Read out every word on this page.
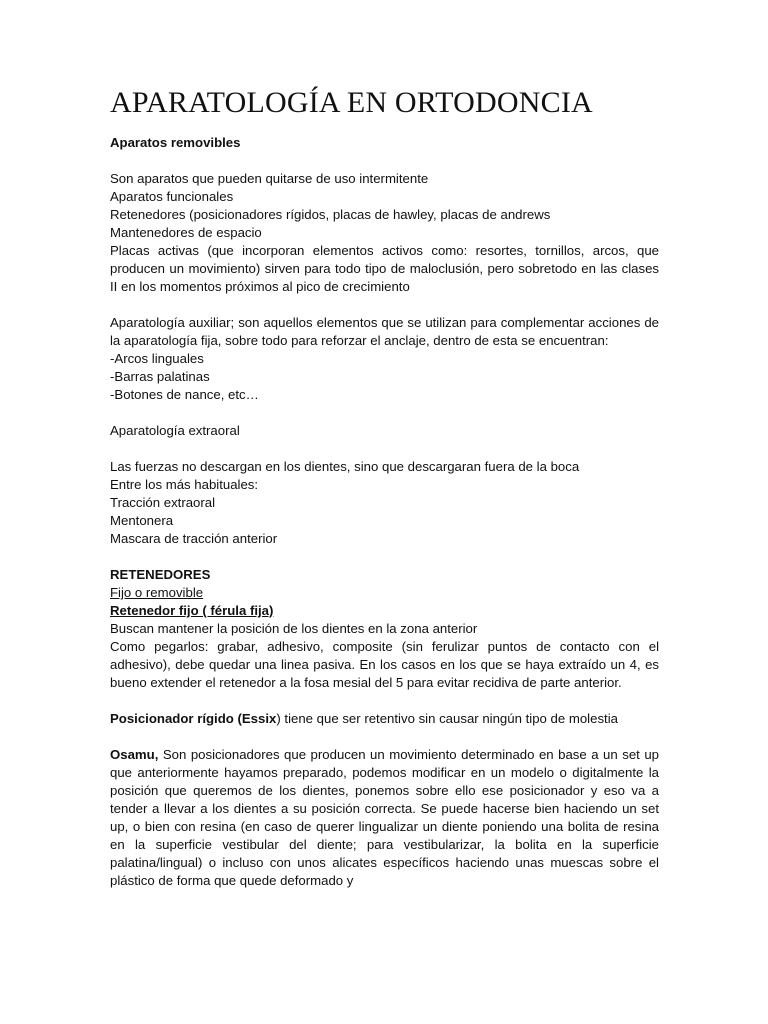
APARATOLOGÍA EN ORTODONCIA

Aparatos removibles

Son aparatos que pueden quitarse de uso intermitente

Aparatos funcionales

Retenedores (posicionadores rígidos, placas de hawley, placas de andrews

Mantenedores de espacio

Placas activas (que incorporan elementos activos como: resortes, tornillos, arcos, que producen un movimiento) sirven para todo tipo de maloclusión, pero sobretodo en las clases II en los momentos próximos al pico de crecimiento

Aparatología auxiliar; son aquellos elementos que se utilizan para complementar acciones de la aparatología fija, sobre todo para reforzar el anclaje, dentro de esta se encuentran:

-Arcos linguales

-Barras palatinas

-Botones de nance, etc…

Aparatología extraoral

Las fuerzas no descargan en los dientes, sino que descargaran fuera de la boca

Entre los más habituales:

Tracción extraoral

Mentonera

Mascara de tracción anterior

RETENEDORES

Fijo o removible

Retenedor fijo ( férula fija)

Buscan mantener la posición de los dientes en la zona anterior

Como pegarlos: grabar, adhesivo, composite (sin ferulizar puntos de contacto con el adhesivo), debe quedar una linea pasiva. En los casos en los que se haya extraído un 4, es bueno extender el retenedor a la fosa mesial del 5 para evitar recidiva de parte anterior.

Posicionador rígido (Essix) tiene que ser retentivo sin causar ningún tipo de molestia

Osamu, Son posicionadores que producen un movimiento determinado en base a un set up que anteriormente hayamos preparado, podemos modificar en un modelo o digitalmente la posición que queremos de los dientes, ponemos sobre ello ese posicionador y eso va a tender a llevar a los dientes a su posición correcta. Se puede hacerse bien haciendo un set up, o bien con resina (en caso de querer lingualizar un diente poniendo una bolita de resina en la superficie vestibular del diente; para vestibularizar, la bolita en la superficie palatina/lingual) o incluso con unos alicates específicos haciendo unas muescas sobre el plástico de forma que quede deformado y
